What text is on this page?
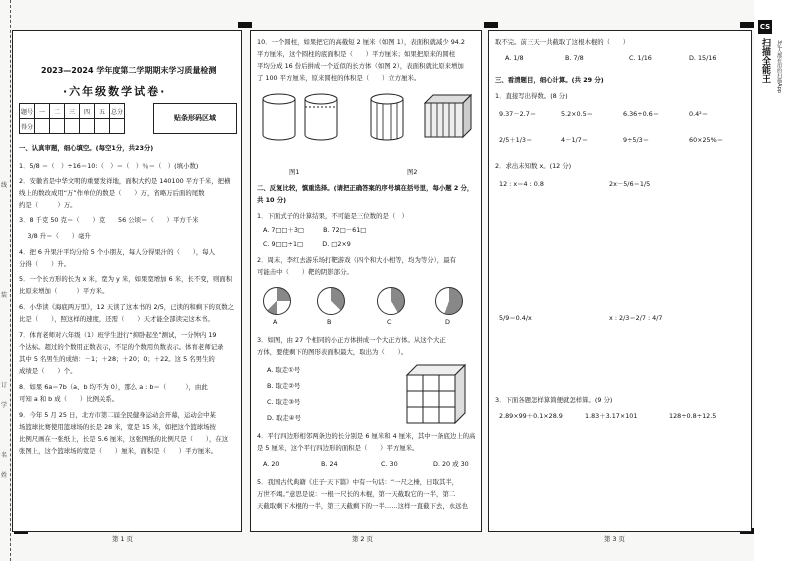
线
装
订
学
名
姓
2023—2024 学年度第二学期期末学习质量检测
·六年级数学试卷·
题号	一	二	三	四	五	总分
得分						
贴条形码区域
一、认真审题，细心填空。(每空1分，共23分)
1．5/8 ＝（　）÷16＝10:（　）＝（　）％＝（　）(填小数)
2．安徽省是中华文明的重要发祥地，面积大约是 140100 平方千米，把横
线上的数改成用“万”作单位的数是（　　）万，省略万后面的尾数
约是（　　　）万。
3．8 千克 50 克＝（　　）克　　56 公顷＝（　　）平方千米
　 3/8 升＝（　　）毫升
4．把 6 升果汁平均分给 5 个小朋友，每人分得果汁的（　　），每人
分得（　　）升。
5．一个长方形的长为 x 米，宽为 y 米，如果宽增加 6 米，长不变，则面积
比原来增加（　　　）平方米。
6．小华读《海底两万里》，12 天读了这本书的 2/5，已读的和剩下的页数之
比是（　　），照这样的速度，还需（　　）天才能全部读完这本书。
7．体育老师对六年级（1）班学生进行“抑卧起坐”测试，一分钟内 19
个达标。超过的个数用正数表示，不足的个数用负数表示。体育老师记录
其中 5 名男生的成绩：－1；＋28；＋20；0；＋22。这 5 名男生的
成绩是（　　）个。
8．如果 6a＝7b（a、b 均不为 0），那么 a : b＝（　　　），由此
可知 a 和 b 成（　　）比例关系。
9．今年 5 月 25 日，北方市第二届全民健身运动会开幕，运动会中某
场篮球比赛使用篮球场的长是 28 米，宽是 15 米，如把这个篮球场按
比例尺画在一张纸上，长是 5.6 厘米，这张图纸的比例尺是（　　），在这
张图上，这个篮球场的宽是（　　）厘米，面积是（　　）平方厘米。
10．一个圆柱，如果把它的高截短 2 厘米（如图 1），表面积就减少 94.2
平方厘米，这个圆柱的底面积是（　　）平方厘米；如果把原来的圆柱
平均分成 16 份后拼成一个近似的长方体（如图 2），表面积就比原来增加
了 100 平方厘米，原来圆柱的体积是（　　）立方厘米。
图1	图2
二、反复比较，慎重选择。(请把正确答案的序号填在括号里，每小题 2 分，
共 10 分)
1．下面式子的计算结果，不可能是三位数的是（　）
A. 7□□＋3□　　　B. 72□－61□
C. 9□□÷1□　　　D. □2×9
2．周末，李红去游乐场打靶游戏（四个和大小相等，均为等分），最有
可能击中（　　）靶的阴影部分。
A	B	C	D
3．如图，由 27 个相同的小正方体拼成一个大正方体。从这个大正
方体，要使剩下的图形表面积最大，取出为（　　）。
A. 取走①号
B. 取走②号
C. 取走③号
D. 取走④号
4．平行四边形相邻两条边的长分别是 6 厘米和 4 厘米，其中一条底边上的高
是 5 厘米，这个平行四边形的面积是（　　）平方厘米。
A. 20	B. 24	C. 30	D. 20 或 30
5．我国古代典籍《庄子·天下篇》中有一句话：“一尺之棰，日取其半，
万世不竭。”意思是说：一根一尺长的木棍，第一天截取它的一半，第二
天截取剩下木棍的一半，第三天截剩下的一半……这样一直截下去，永远也
取不完。前三天一共截取了这根木棍的（　　）
A. 1/8	B. 7/8	C. 1/16	D. 15/16
三、看清题目，细心计算。(共 29 分)
1．直接写出得数。(8 分)
9.37－2.7＝	5.2×0.5＝	6.36÷0.6＝	0.4²＝
2/5＋1/3＝	4－1/7＝	9÷5/3＝	60×25%＝
2．求出未知数 x。(12 分)
12 : x＝4 : 0.8	2x－5/6＝1/5
5/9＝0.4/x	x : 2/3＝2/7 : 4/7
3．下面各题怎样算简便就怎样算。(9 分)
2.89×99＋0.1×28.9	1.83＋3.17×101	128÷0.8÷12.5
第 1 页	第 2 页	第 3 页
CS
扫描全能王	3亿人都在用的扫描App
